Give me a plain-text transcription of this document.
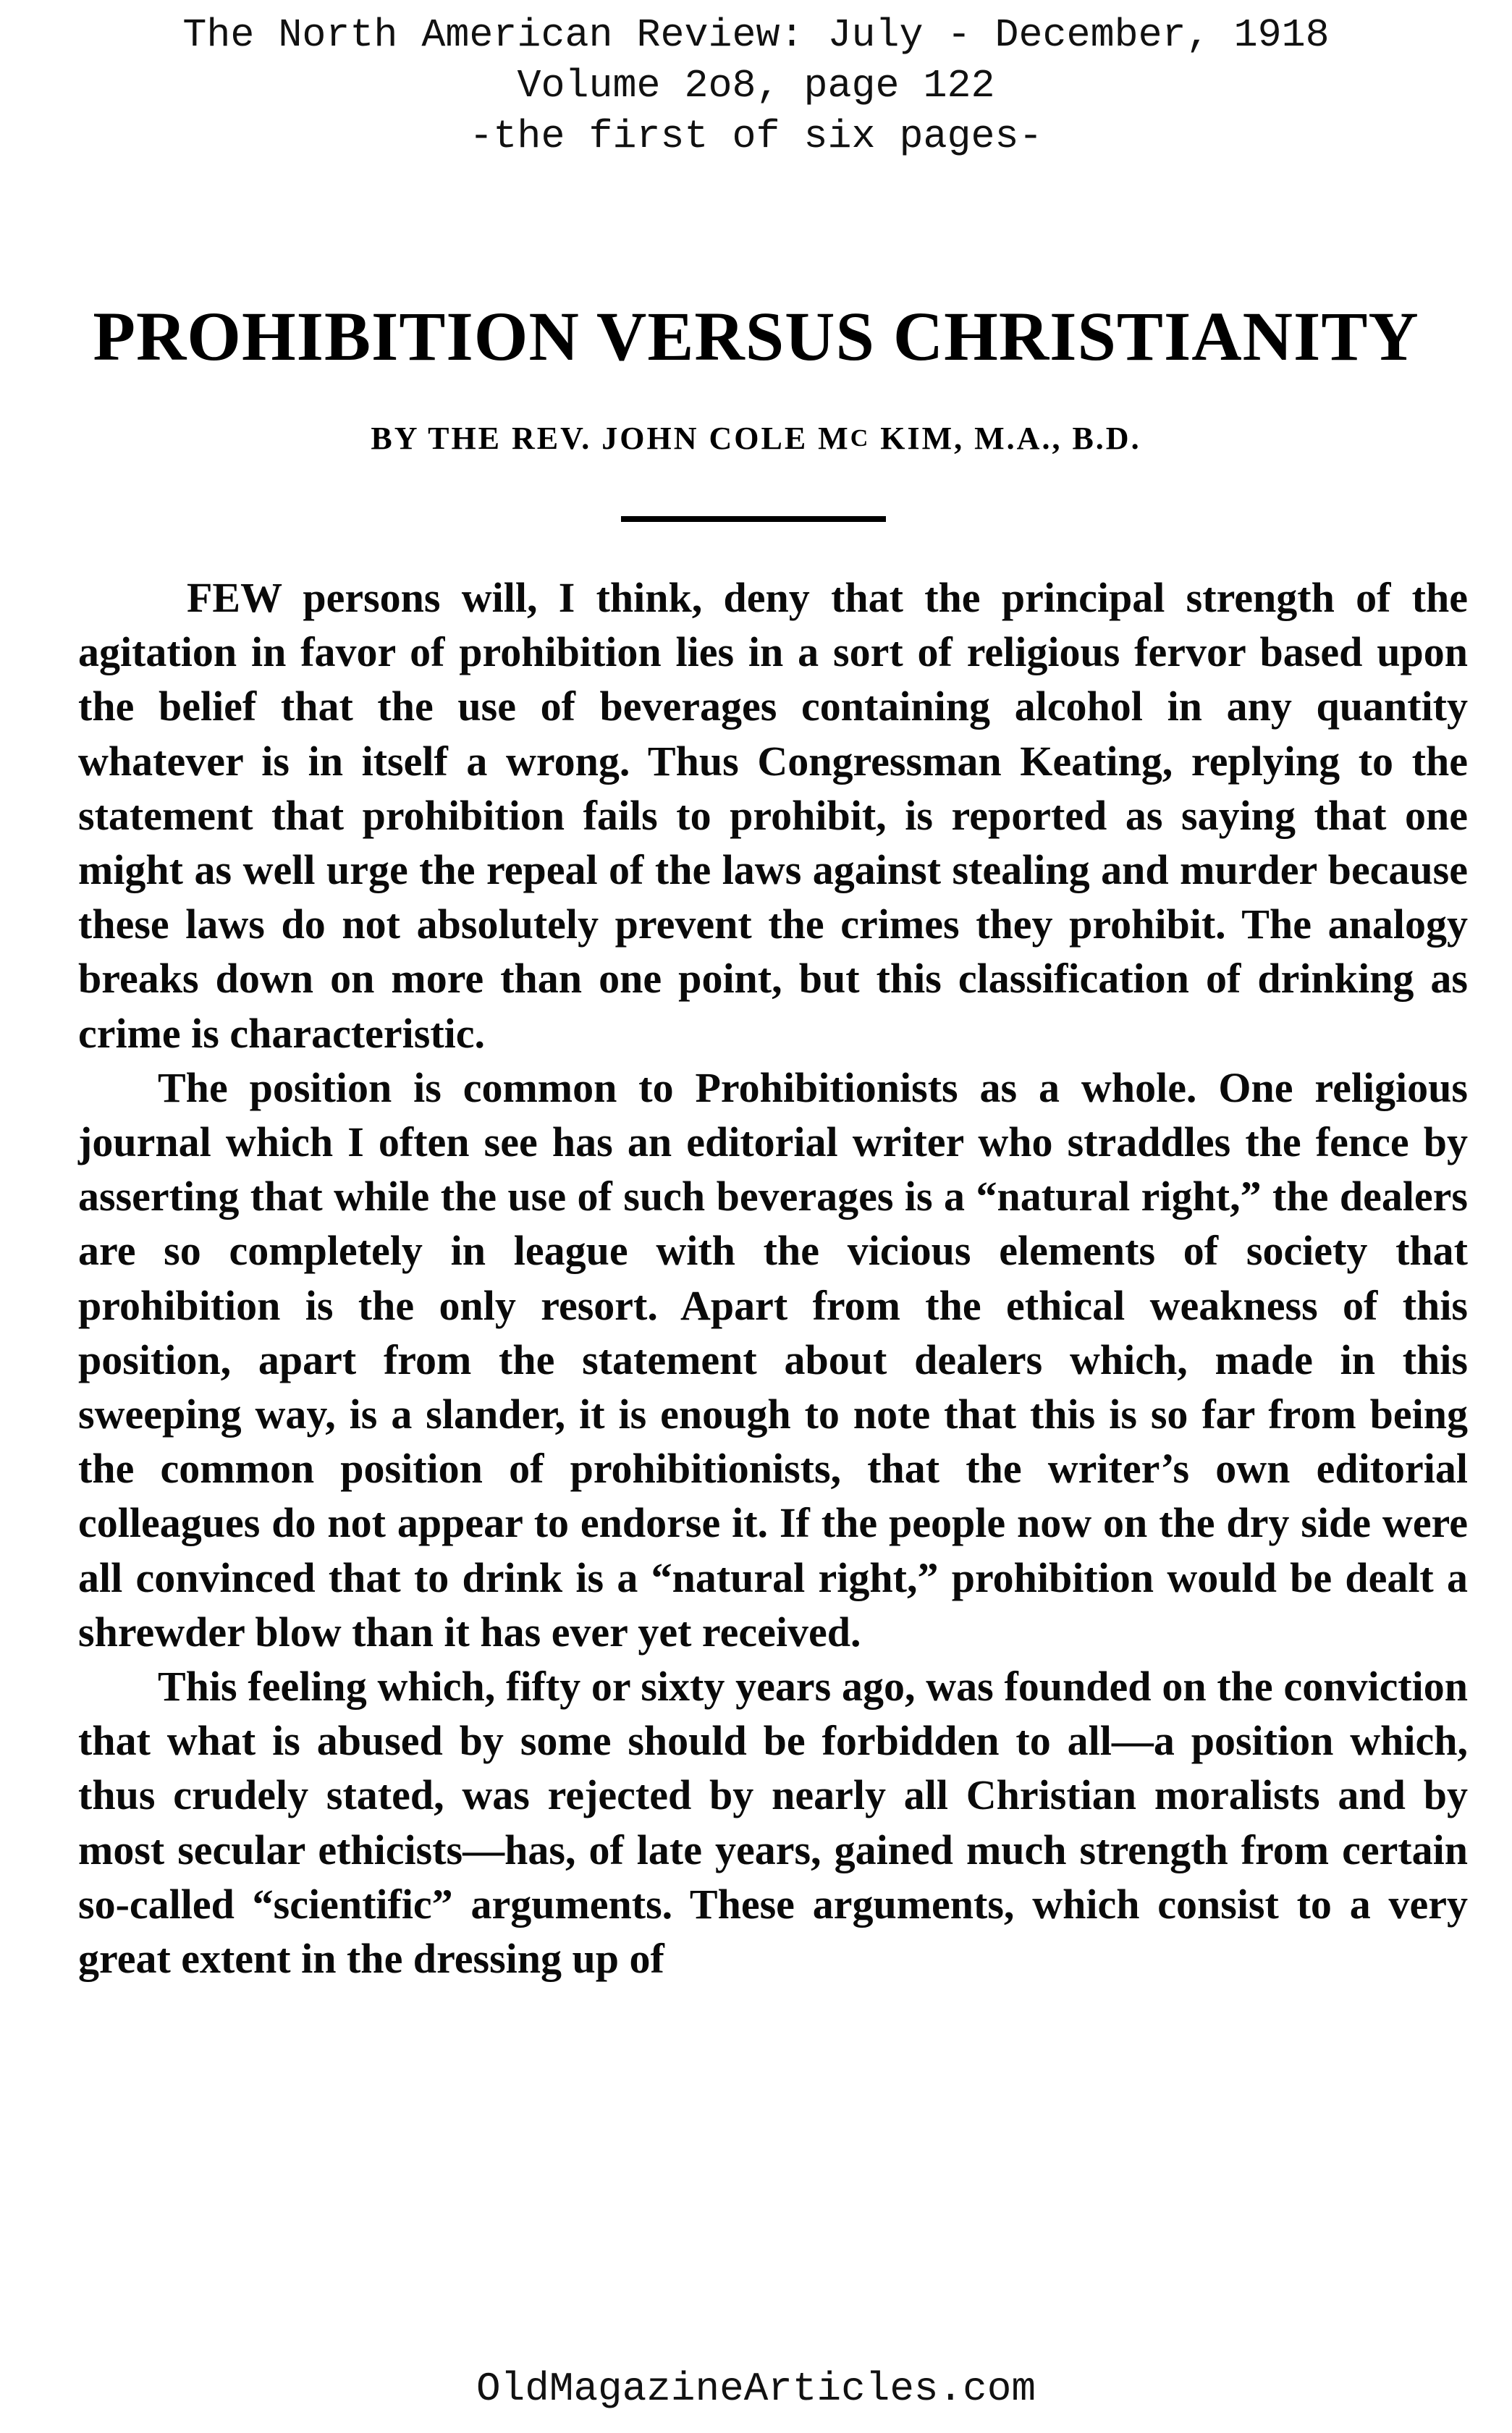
The North American Review: July - December, 1918
Volume 2o8, page 122
-the first of six pages-
PROHIBITION VERSUS CHRISTIANITY
BY THE REV. JOHN COLE MC KIM, M.A., B.D.

FEW persons will, I think, deny that the principal strength of the agitation in favor of prohibition lies in a sort of religious fervor based upon the belief that the use of beverages containing alcohol in any quantity whatever is in itself a wrong. Thus Congressman Keating, replying to the statement that prohibition fails to prohibit, is reported as saying that one might as well urge the repeal of the laws against stealing and murder because these laws do not absolutely prevent the crimes they prohibit. The analogy breaks down on more than one point, but this classification of drinking as crime is characteristic.

The position is common to Prohibitionists as a whole. One religious journal which I often see has an editorial writer who straddles the fence by asserting that while the use of such beverages is a “natural right,” the dealers are so completely in league with the vicious elements of society that prohibition is the only resort. Apart from the ethical weakness of this position, apart from the statement about dealers which, made in this sweeping way, is a slander, it is enough to note that this is so far from being the common position of prohibitionists, that the writer’s own editorial colleagues do not appear to endorse it. If the people now on the dry side were all convinced that to drink is a “natural right,” prohibition would be dealt a shrewder blow than it has ever yet received.

This feeling which, fifty or sixty years ago, was founded on the conviction that what is abused by some should be forbidden to all—a position which, thus crudely stated, was rejected by nearly all Christian moralists and by most secular ethicists—has, of late years, gained much strength from certain so-called “scientific” arguments. These arguments, which consist to a very great extent in the dressing up of

OldMagazineArticles.com
